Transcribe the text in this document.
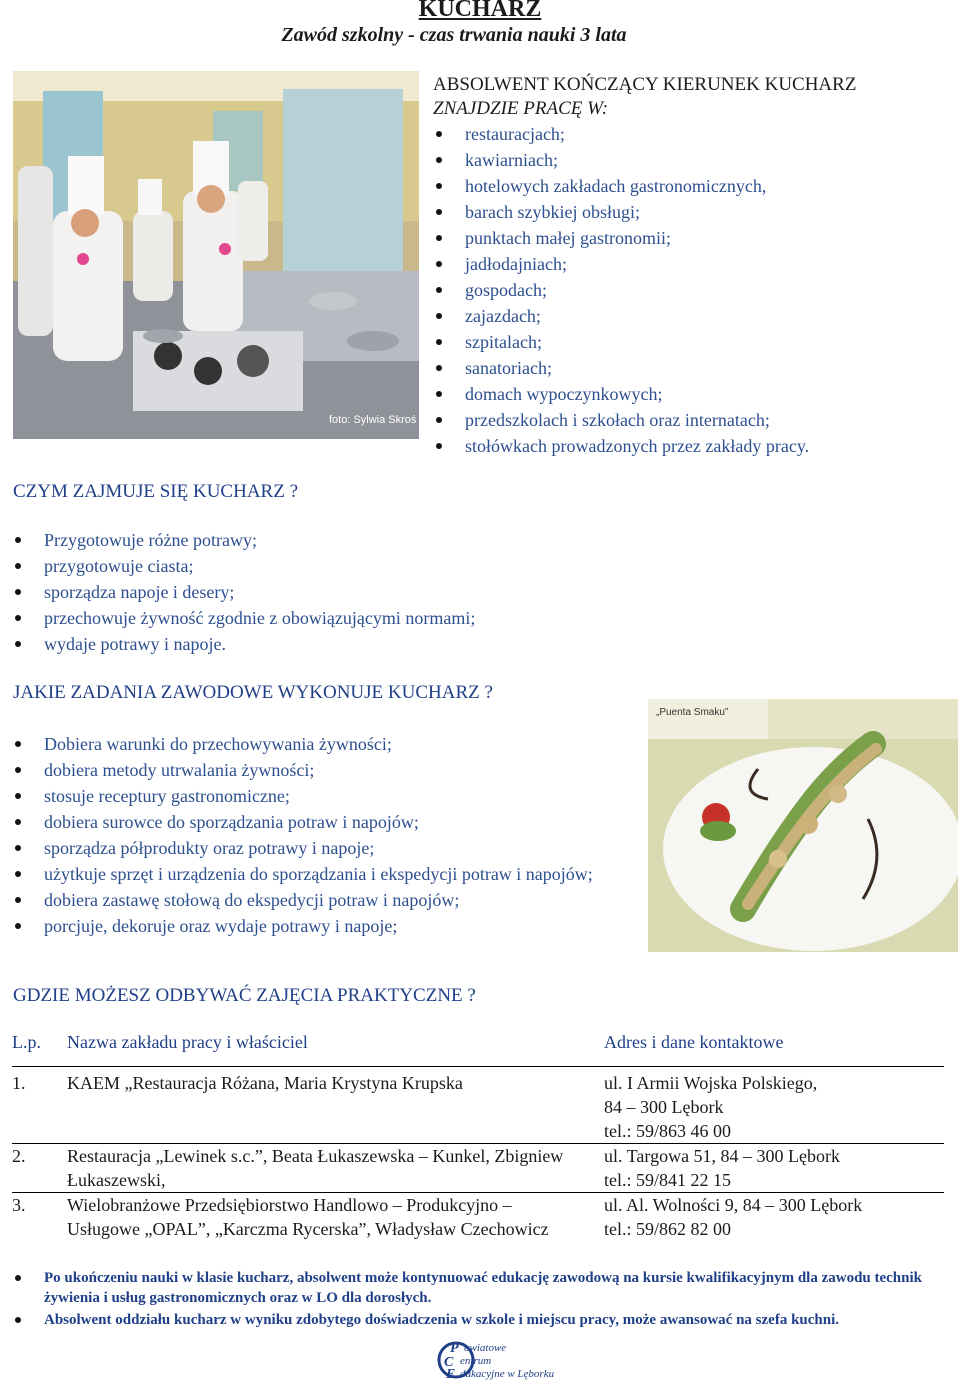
KUCHARZ
Zawód szkolny - czas trwania nauki 3 lata
foto: Sylwia Skroś
ABSOLWENT KOŃCZĄCY KIERUNEK KUCHARZ
ZNAJDZIE PRACĘ W:
restauracjach;
kawiarniach;
hotelowych zakładach gastronomicznych,
barach szybkiej obsługi;
punktach małej gastronomii;
jadłodajniach;
gospodach;
zajazdach;
szpitalach;
sanatoriach;
domach wypoczynkowych;
przedszkolach i szkołach oraz internatach;
stołówkach prowadzonych przez zakłady pracy.
CZYM ZAJMUJE SIĘ KUCHARZ ?
Przygotowuje różne potrawy;
przygotowuje ciasta;
sporządza napoje i desery;
przechowuje żywność zgodnie z obowiązującymi normami;
wydaje potrawy i napoje.
JAKIE ZADANIA ZAWODOWE WYKONUJE KUCHARZ ?
Dobiera warunki do przechowywania żywności;
dobiera metody utrwalania żywności;
stosuje receptury gastronomiczne;
dobiera surowce do sporządzania potraw i napojów;
sporządza półprodukty oraz potrawy i napoje;
użytkuje sprzęt i urządzenia do sporządzania i ekspedycji potraw i napojów;
dobiera zastawę stołową do ekspedycji potraw i napojów;
porcjuje, dekoruje oraz wydaje potrawy i napoje;
„Puenta Smaku”
GDZIE MOŻESZ ODBYWAĆ ZAJĘCIA PRAKTYCZNE ?
L.p.	Nazwa zakładu pracy i właściciel	Adres i dane kontaktowe
1.	KAEM „Restauracja Różana, Maria Krystyna Krupska	ul. I Armii Wojska Polskiego,
84 – 300 Lębork
tel.: 59/863 46 00

2.	Restauracja „Lewinek s.c.”, Beata Łukaszewska – Kunkel, Zbigniew Łukaszewski,	ul. Targowa 51, 84 – 300 Lębork
tel.: 59/841 22 15

3.	Wielobranżowe Przedsiębiorstwo Handlowo – Produkcyjno – Usługowe „OPAL”, „Karczma Rycerska”, Władysław Czechowicz	ul. Al. Wolności 9, 84 – 300 Lębork
tel.: 59/862 82 00
Po ukończeniu nauki w klasie kucharz, absolwent może kontynuować edukację zawodową na kursie kwalifikacyjnym dla zawodu technik żywienia i usług gastronomicznych oraz w LO dla dorosłych.
Absolwent oddziału kucharz w wyniku zdobytego doświadczenia w szkole i miejscu pracy, może awansować na szefa kuchni.
P
C
E
owiatowe
entrum
dukacyjne w Lęborku
